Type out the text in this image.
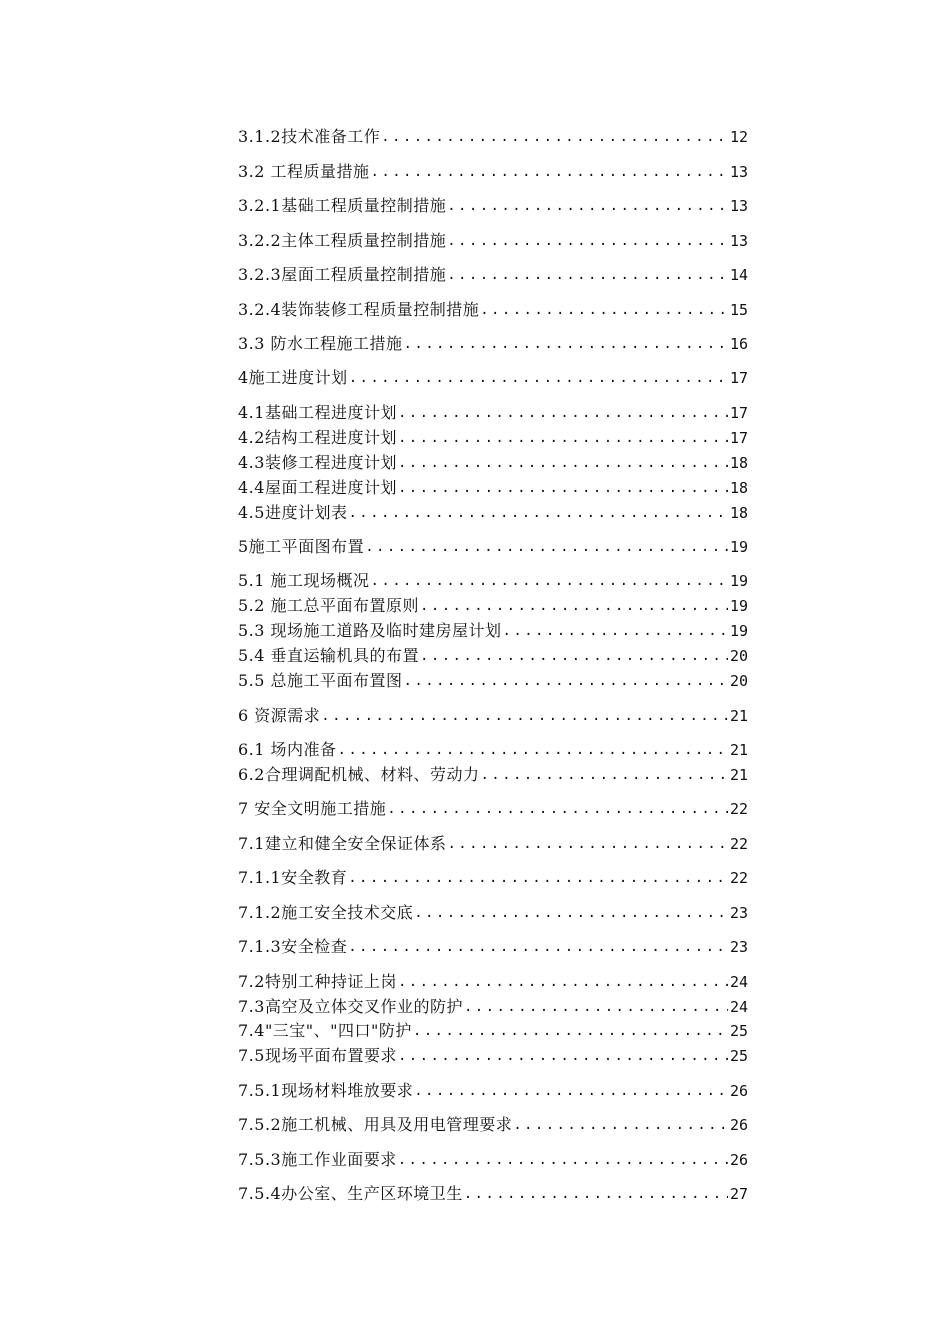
3.1.2技术准备工作 .....	12
3.2 工程质量措施 .....	13
3.2.1基础工程质量控制措施 .....	13
3.2.2主体工程质量控制措施 .....	13
3.2.3屋面工程质量控制措施 .....	14
3.2.4装饰装修工程质量控制措施 .....	15
3.3 防水工程施工措施 .....	16
4施工进度计划 .....	17
4.1基础工程进度计划 .....	17
4.2结构工程进度计划 .....	17
4.3装修工程进度计划 .....	18
4.4屋面工程进度计划 .....	18
4.5进度计划表 .....	18
5施工平面图布置 .....	19
5.1 施工现场概况 .....	19
5.2 施工总平面布置原则 .....	19
5.3 现场施工道路及临时建房屋计划 .....	19
5.4 垂直运输机具的布置 .....	20
5.5 总施工平面布置图 .....	20
6 资源需求 .....	21
6.1 场内准备 .....	21
6.2合理调配机械、材料、劳动力 .....	21
7 安全文明施工措施 .....	22
7.1建立和健全安全保证体系 .....	22
7.1.1安全教育 .....	22
7.1.2施工安全技术交底 .....	23
7.1.3安全检查 .....	23
7.2特别工种持证上岗 .....	24
7.3高空及立体交叉作业的防护 .....	24
7.4"三宝"、"四口"防护 .....	25
7.5现场平面布置要求 .....	25
7.5.1现场材料堆放要求 .....	26
7.5.2施工机械、用具及用电管理要求 .....	26
7.5.3施工作业面要求 .....	26
7.5.4办公室、生产区环境卫生 .....	27
